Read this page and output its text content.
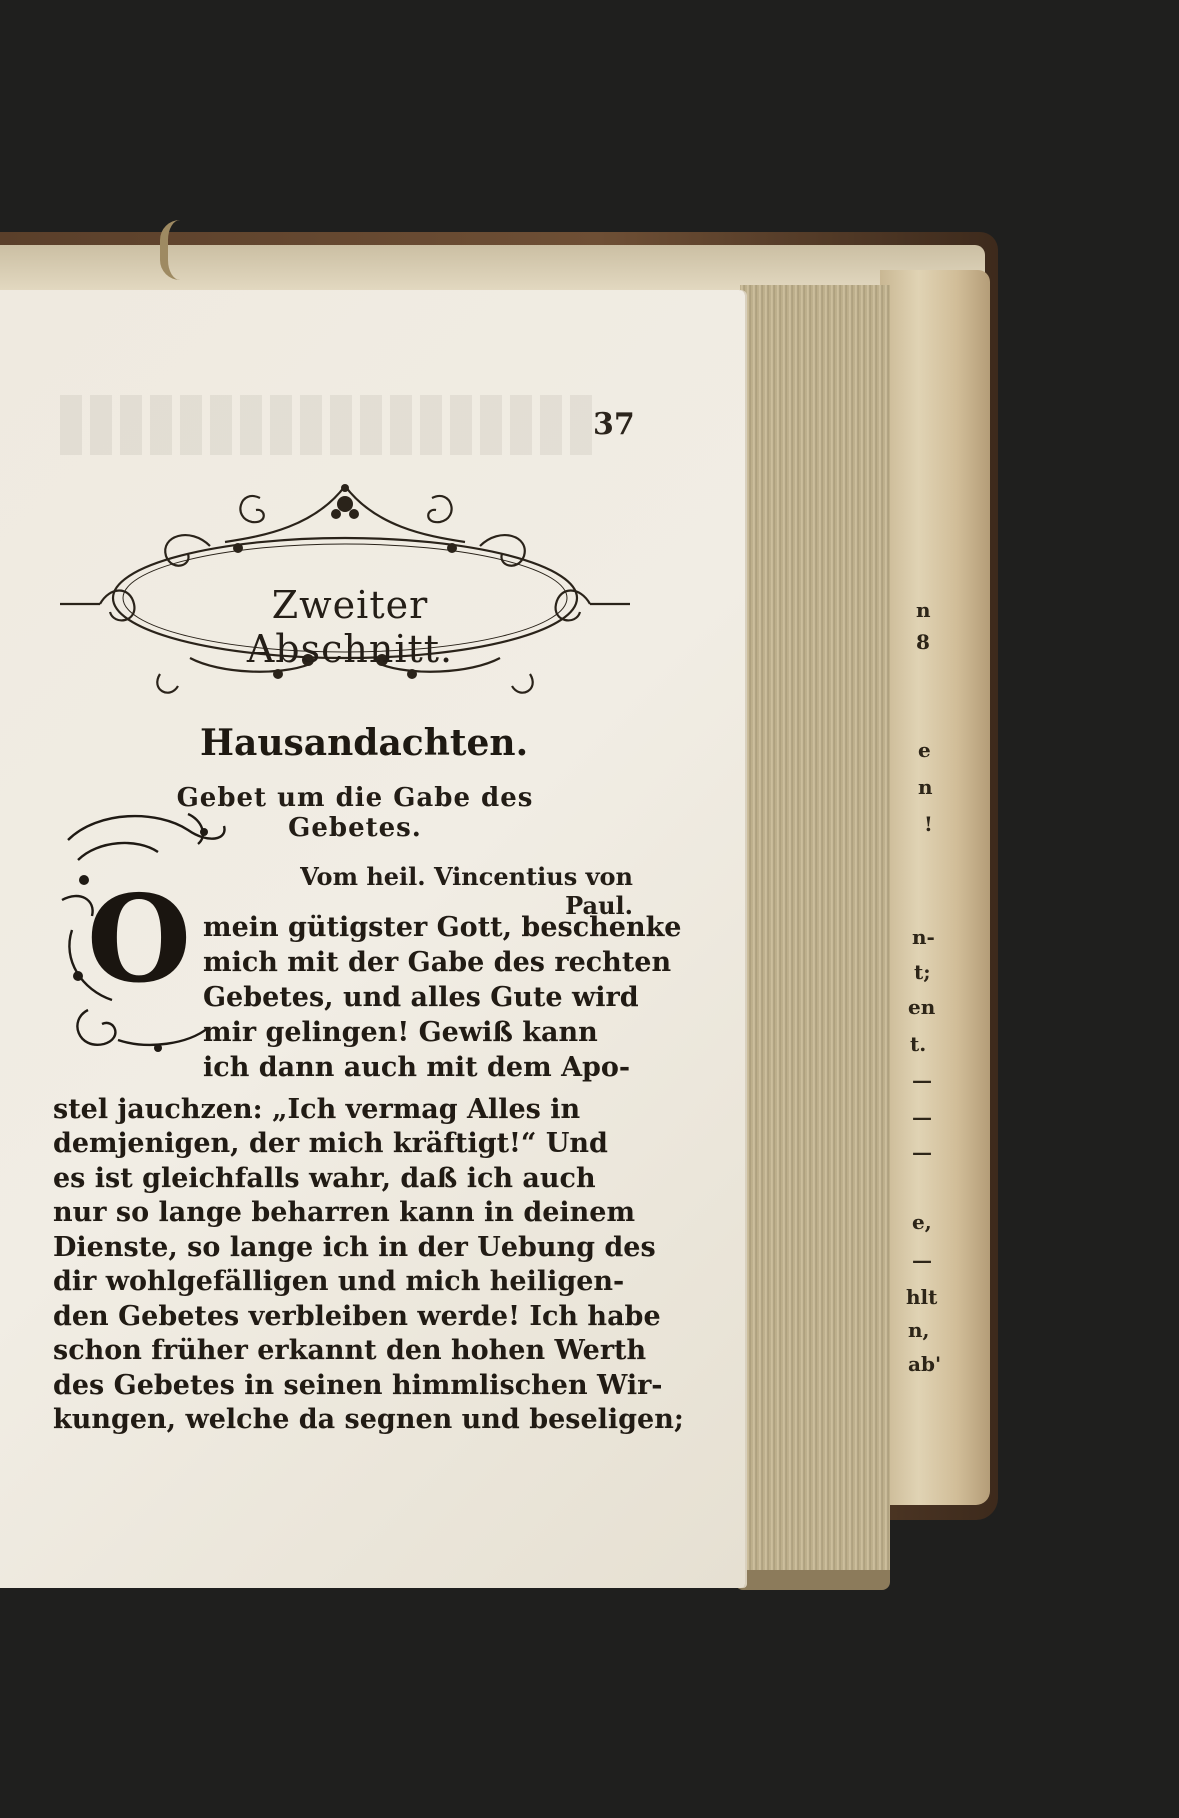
n
8
e
n
!
n-
t;
en
t.
—
—
—
e,
—
hlt
n,
ab'
37
Zweiter Abschnitt.
Hausandachten.
Gebet um die Gabe des Gebetes.
Vom heil. Vincentius von Paul.
O mein gütigster Gott, beschenke
mich mit der Gabe des rechten
Gebetes, und alles Gute wird
mir gelingen! Gewiß kann
ich dann auch mit dem Apo-
stel jauchzen: „Ich vermag Alles in
demjenigen, der mich kräftigt!“ Und
es ist gleichfalls wahr, daß ich auch
nur so lange beharren kann in deinem
Dienste, so lange ich in der Uebung des
dir wohlgefälligen und mich heiligen-
den Gebetes verbleiben werde! Ich habe
schon früher erkannt den hohen Werth
des Gebetes in seinen himmlischen Wir-
kungen, welche da segnen und beseligen;
